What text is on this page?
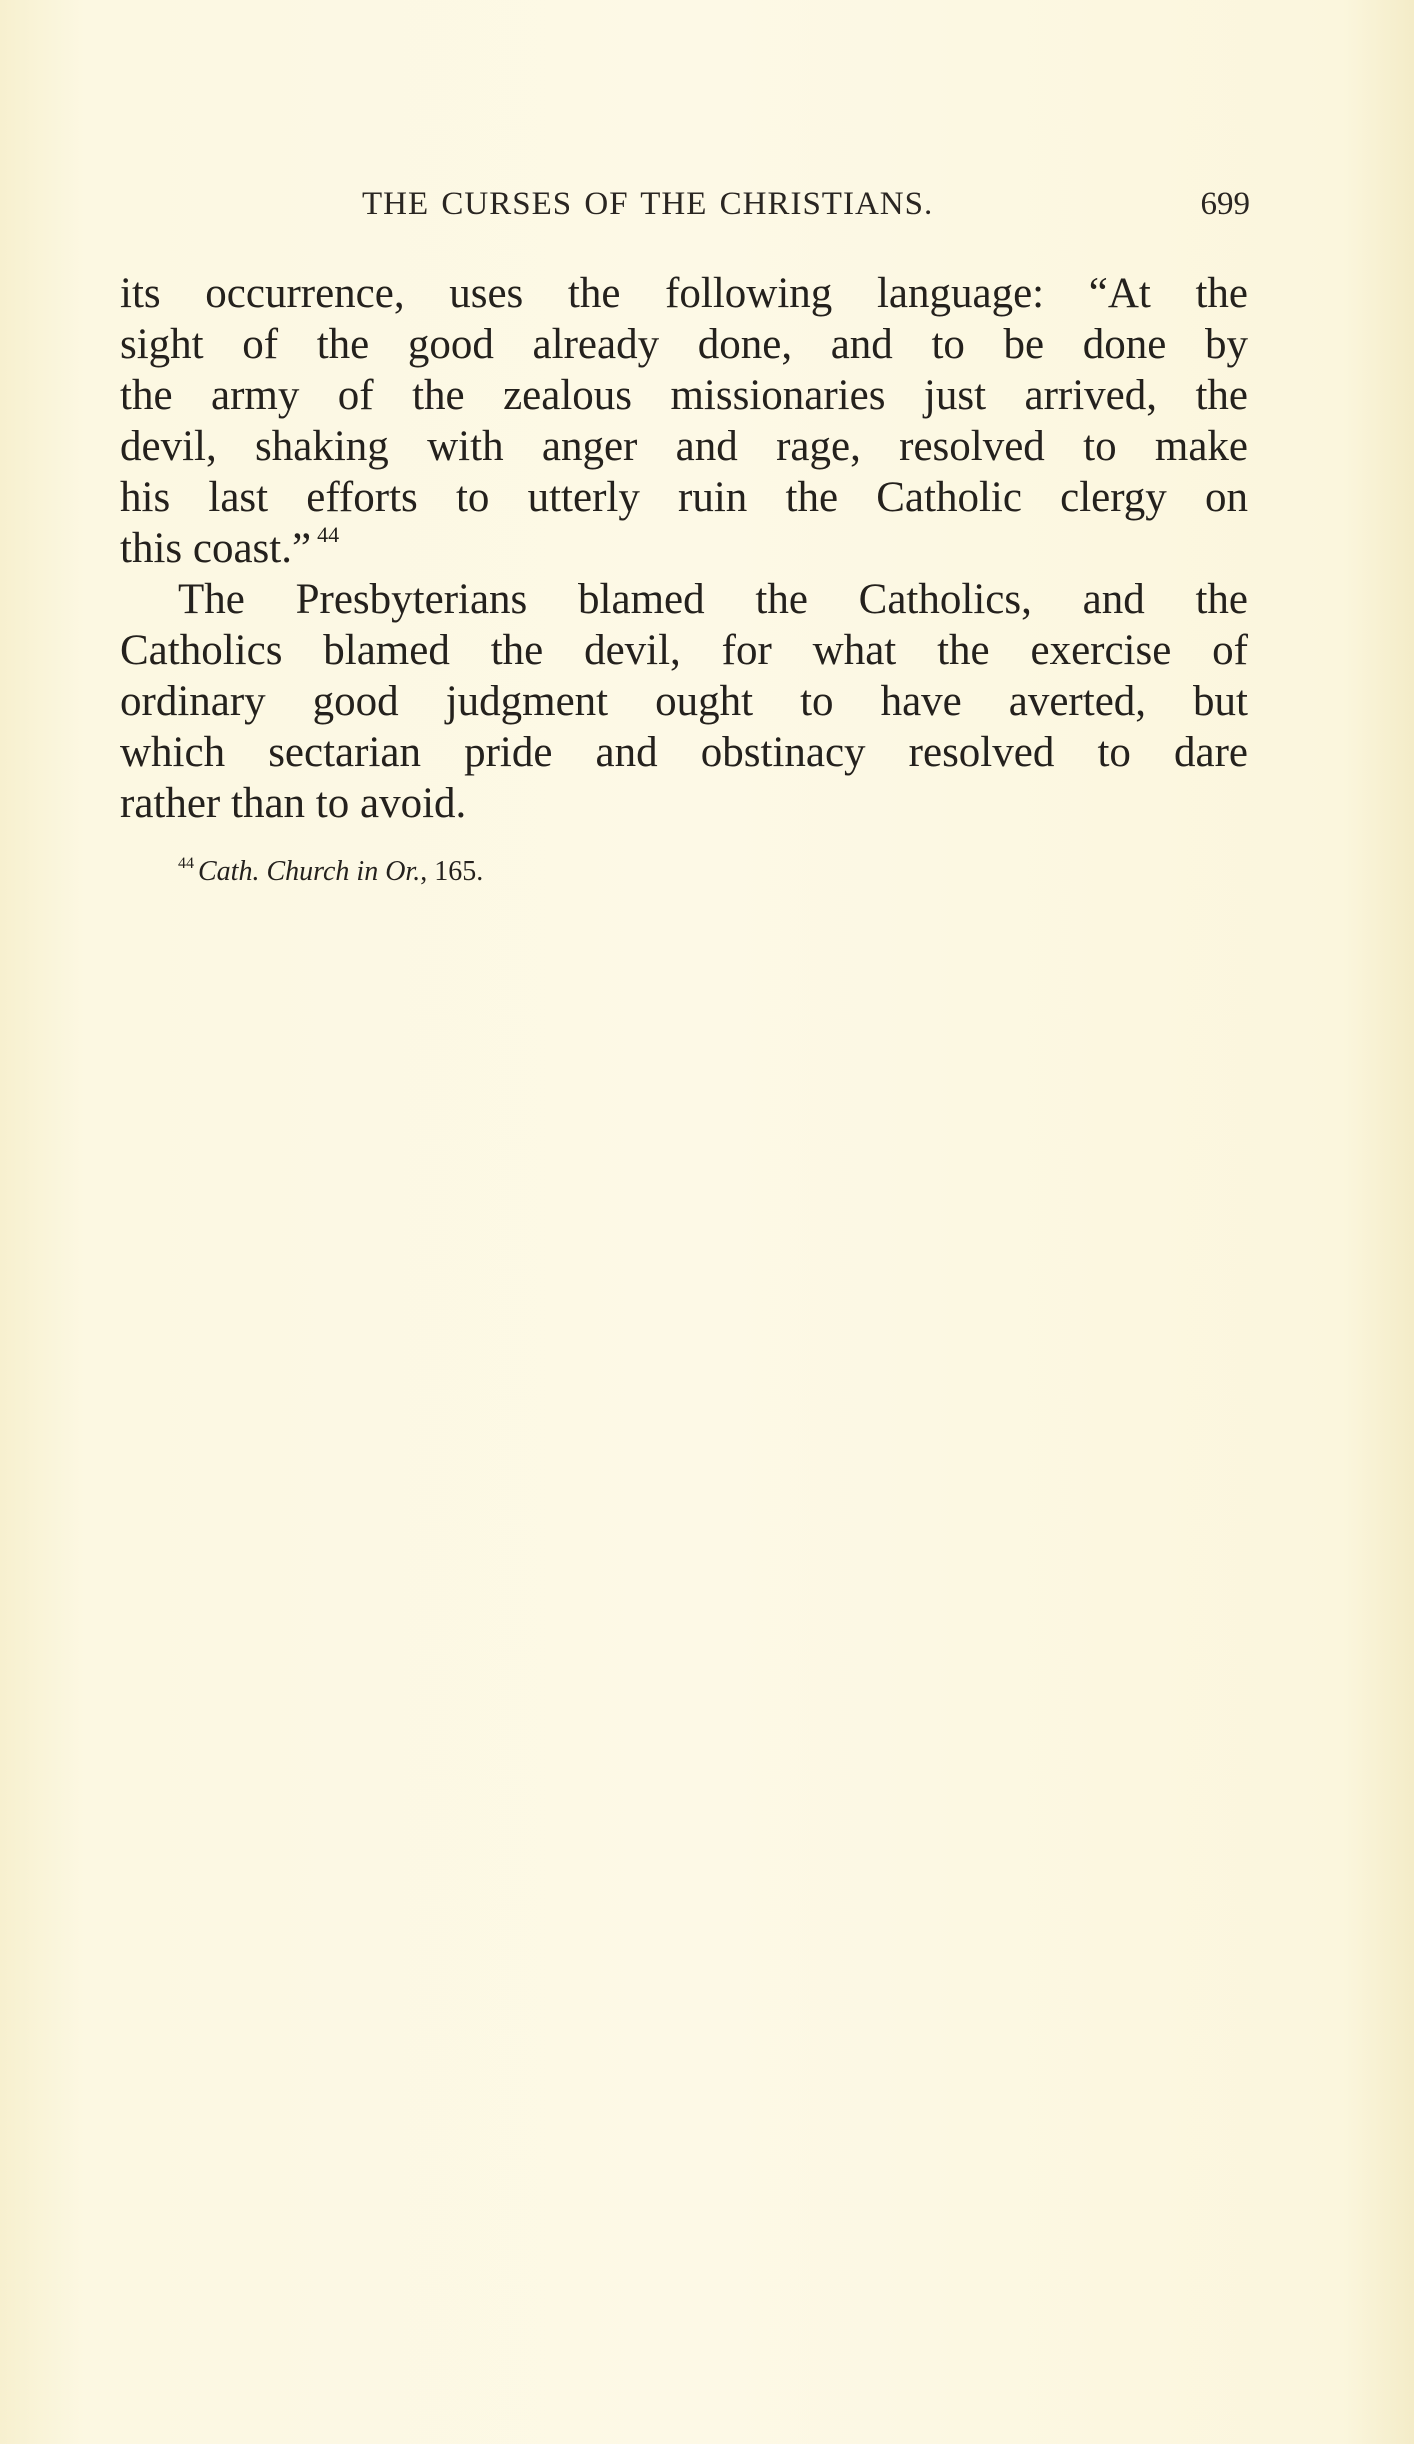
THE CURSES OF THE CHRISTIANS.	699
its occurrence, uses the following language: “At the
sight of the good already done, and to be done by
the army of the zealous missionaries just arrived, the
devil, shaking with anger and rage, resolved to make
his last efforts to utterly ruin the Catholic clergy on
this coast.” $^{44}$
The Presbyterians blamed the Catholics, and the
Catholics blamed the devil, for what the exercise of
ordinary good judgment ought to have averted, but
which sectarian pride and obstinacy resolved to dare
rather than to avoid.
$^{44}$ Cath. Church in Or., 165.
